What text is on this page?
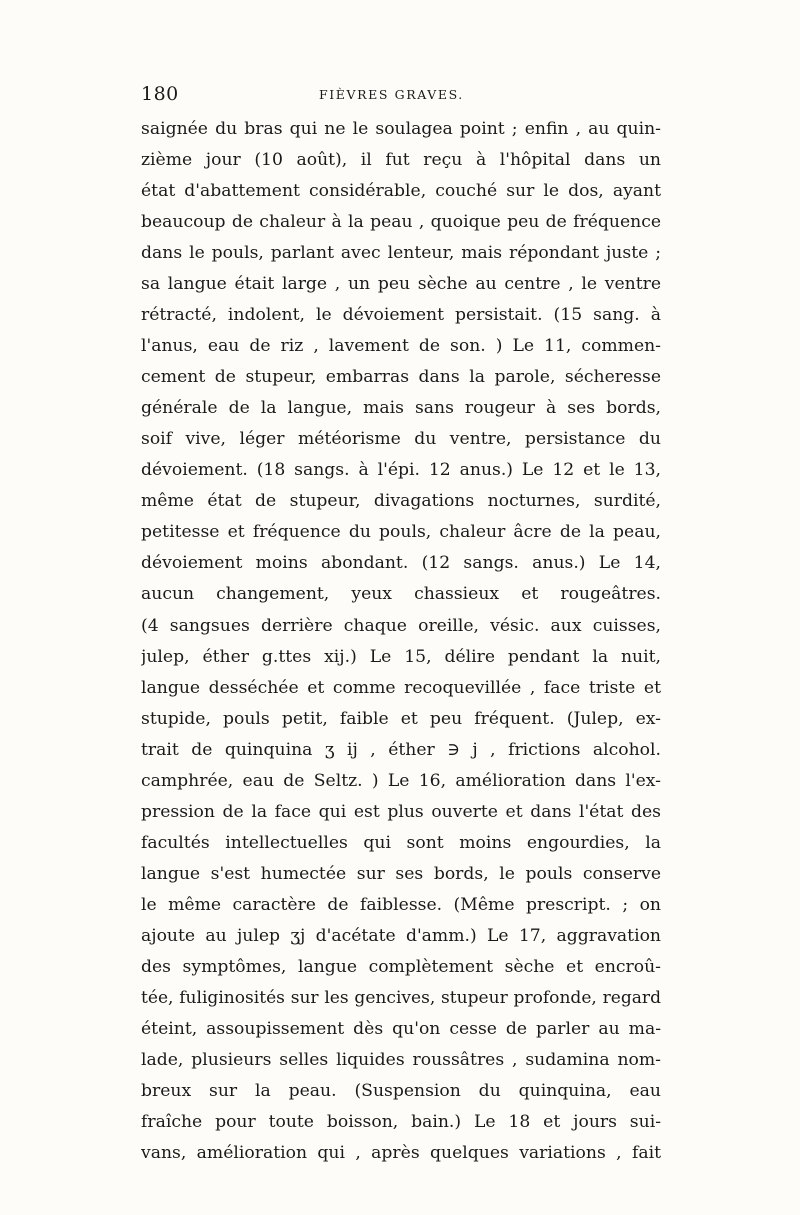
180	FIÈVRES GRAVES.
saignée du bras qui ne le soulagea point ; enfin , au quin-
zième jour (10 août), il fut reçu à l'hôpital dans un
état d'abattement considérable, couché sur le dos, ayant
beaucoup de chaleur à la peau , quoique peu de fréquence
dans le pouls, parlant avec lenteur, mais répondant juste ;
sa langue était large , un peu sèche au centre , le ventre
rétracté, indolent, le dévoiement persistait. (15 sang. à
l'anus, eau de riz , lavement de son. ) Le 11, commen-
cement de stupeur, embarras dans la parole, sécheresse
générale de la langue, mais sans rougeur à ses bords,
soif vive, léger météorisme du ventre, persistance du
dévoiement. (18 sangs. à l'épi. 12 anus.) Le 12 et le 13,
même état de stupeur, divagations nocturnes, surdité,
petitesse et fréquence du pouls, chaleur âcre de la peau,
dévoiement moins abondant. (12 sangs. anus.) Le 14,
aucun changement, yeux chassieux et rougeâtres.
(4 sangsues derrière chaque oreille, vésic. aux cuisses,
julep, éther g.ttes xij.) Le 15, délire pendant la nuit,
langue desséchée et comme recoquevillée , face triste et
stupide, pouls petit, faible et peu fréquent. (Julep, ex-
trait de quinquina ʒ ij , éther ∋ j , frictions alcohol.
camphrée, eau de Seltz. ) Le 16, amélioration dans l'ex-
pression de la face qui est plus ouverte et dans l'état des
facultés intellectuelles qui sont moins engourdies, la
langue s'est humectée sur ses bords, le pouls conserve
le même caractère de faiblesse. (Même prescript. ; on
ajoute au julep ʒj d'acétate d'amm.) Le 17, aggravation
des symptômes, langue complètement sèche et encroû-
tée, fuliginosités sur les gencives, stupeur profonde, regard
éteint, assoupissement dès qu'on cesse de parler au ma-
lade, plusieurs selles liquides roussâtres , sudamina nom-
breux sur la peau. (Suspension du quinquina, eau
fraîche pour toute boisson, bain.) Le 18 et jours sui-
vans, amélioration qui , après quelques variations , fait
